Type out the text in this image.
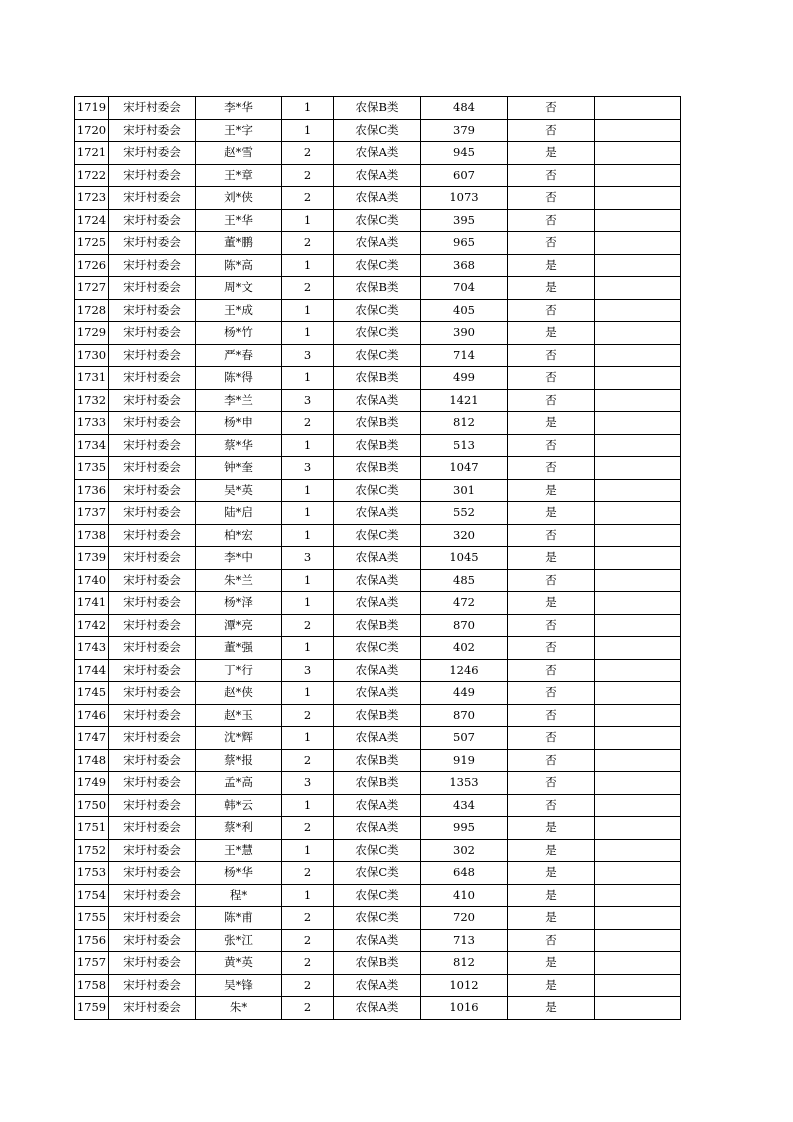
1719	宋圩村委会	李*华	1	农保B类	484	否	
1720	宋圩村委会	王*字	1	农保C类	379	否	
1721	宋圩村委会	赵*雪	2	农保A类	945	是	
1722	宋圩村委会	王*章	2	农保A类	607	否	
1723	宋圩村委会	刘*侠	2	农保A类	1073	否	
1724	宋圩村委会	王*华	1	农保C类	395	否	
1725	宋圩村委会	董*鹏	2	农保A类	965	否	
1726	宋圩村委会	陈*高	1	农保C类	368	是	
1727	宋圩村委会	周*文	2	农保B类	704	是	
1728	宋圩村委会	王*成	1	农保C类	405	否	
1729	宋圩村委会	杨*竹	1	农保C类	390	是	
1730	宋圩村委会	严*春	3	农保C类	714	否	
1731	宋圩村委会	陈*得	1	农保B类	499	否	
1732	宋圩村委会	李*兰	3	农保A类	1421	否	
1733	宋圩村委会	杨*申	2	农保B类	812	是	
1734	宋圩村委会	蔡*华	1	农保B类	513	否	
1735	宋圩村委会	钟*奎	3	农保B类	1047	否	
1736	宋圩村委会	吴*英	1	农保C类	301	是	
1737	宋圩村委会	陆*启	1	农保A类	552	是	
1738	宋圩村委会	柏*宏	1	农保C类	320	否	
1739	宋圩村委会	李*中	3	农保A类	1045	是	
1740	宋圩村委会	朱*兰	1	农保A类	485	否	
1741	宋圩村委会	杨*泽	1	农保A类	472	是	
1742	宋圩村委会	潭*亮	2	农保B类	870	否	
1743	宋圩村委会	董*强	1	农保C类	402	否	
1744	宋圩村委会	丁*行	3	农保A类	1246	否	
1745	宋圩村委会	赵*侠	1	农保A类	449	否	
1746	宋圩村委会	赵*玉	2	农保B类	870	否	
1747	宋圩村委会	沈*辉	1	农保A类	507	否	
1748	宋圩村委会	蔡*报	2	农保B类	919	否	
1749	宋圩村委会	孟*高	3	农保B类	1353	否	
1750	宋圩村委会	韩*云	1	农保A类	434	否	
1751	宋圩村委会	蔡*利	2	农保A类	995	是	
1752	宋圩村委会	王*慧	1	农保C类	302	是	
1753	宋圩村委会	杨*华	2	农保C类	648	是	
1754	宋圩村委会	程*	1	农保C类	410	是	
1755	宋圩村委会	陈*甫	2	农保C类	720	是	
1756	宋圩村委会	张*江	2	农保A类	713	否	
1757	宋圩村委会	黄*英	2	农保B类	812	是	
1758	宋圩村委会	吴*锋	2	农保A类	1012	是	
1759	宋圩村委会	朱*	2	农保A类	1016	是	
